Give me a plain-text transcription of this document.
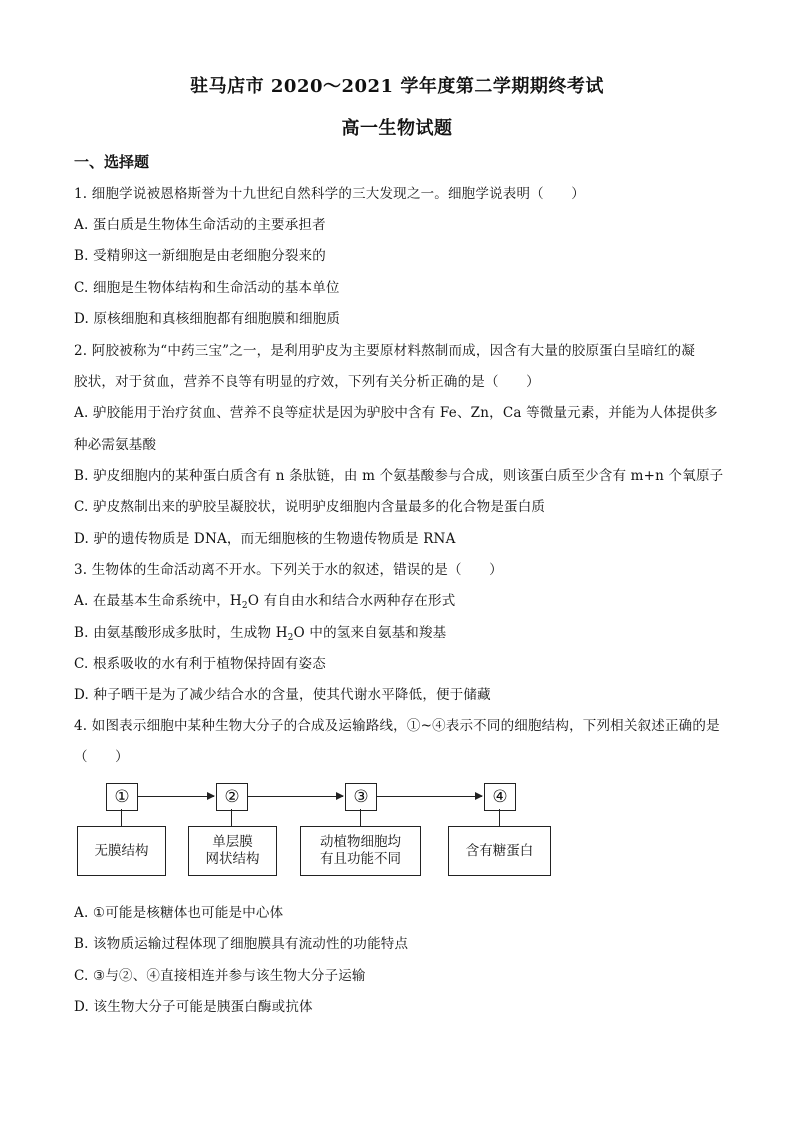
驻马店市 2020～2021 学年度第二学期期终考试
高一生物试题
一、选择题
1. 细胞学说被恩格斯誉为十九世纪自然科学的三大发现之一。细胞学说表明（　　）
A. 蛋白质是生物体生命活动的主要承担者
B. 受精卵这一新细胞是由老细胞分裂来的
C. 细胞是生物体结构和生命活动的基本单位
D. 原核细胞和真核细胞都有细胞膜和细胞质
2. 阿胶被称为“中药三宝”之一，是利用驴皮为主要原材料熬制而成，因含有大量的胶原蛋白呈暗红的凝
胶状，对于贫血，营养不良等有明显的疗效，下列有关分析正确的是（　　）
A. 驴胶能用于治疗贫血、营养不良等症状是因为驴胶中含有 Fe、Zn，Ca 等微量元素，并能为人体提供多
种必需氨基酸
B. 驴皮细胞内的某种蛋白质含有 n 条肽链，由 m 个氨基酸参与合成，则该蛋白质至少含有 m+n 个氧原子
C. 驴皮熬制出来的驴胶呈凝胶状，说明驴皮细胞内含量最多的化合物是蛋白质
D. 驴的遗传物质是 DNA，而无细胞核的生物遗传物质是 RNA
3. 生物体的生命活动离不开水。下列关于水的叙述，错误的是（　　）
A. 在最基本生命系统中，$H_2O$ 有自由水和结合水两种存在形式
B. 由氨基酸形成多肽时，生成物 $H_2O$ 中的氢来自氨基和羧基
C. 根系吸收的水有利于植物保持固有姿态
D. 种子晒干是为了减少结合水的含量，使其代谢水平降低，便于储藏
4. 如图表示细胞中某种生物大分子的合成及运输路线，①~④表示不同的细胞结构，下列相关叙述正确的是
（　　）
①	②	③	④
无膜结构
单层膜
网状结构
动植物细胞均
有且功能不同
含有糖蛋白
A. ①可能是核糖体也可能是中心体
B. 该物质运输过程体现了细胞膜具有流动性的功能特点
C. ③与②、④直接相连并参与该生物大分子运输
D. 该生物大分子可能是胰蛋白酶或抗体
